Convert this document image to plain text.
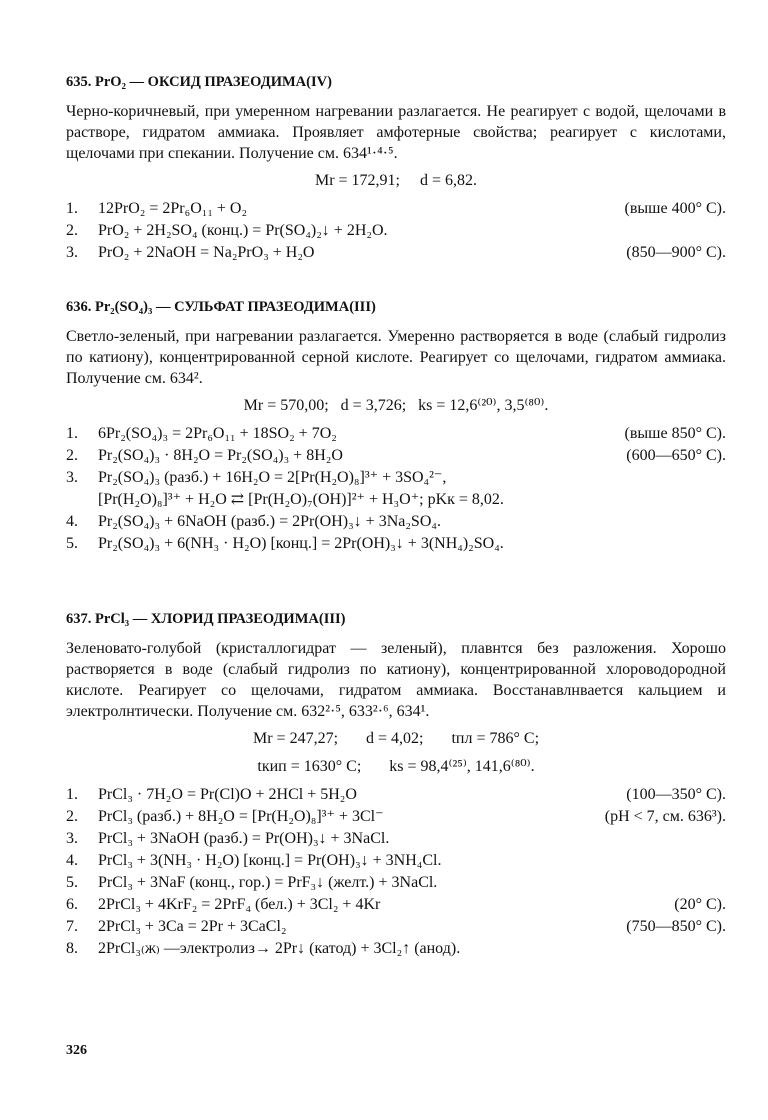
635. PrO₂ — ОКСИД ПРАЗЕОДИМА(IV)

Черно-коричневый, при умеренном нагревании разлагается. Не реагирует с водой, щелочами в растворе, гидратом аммиака. Проявляет амфотерные свойства; реагирует с кислотами, щелочами при спекании. Получение см. 634¹·⁴·⁵.

Mr = 172,91;     d = 6,82.
1.	12PrO₂ = 2Pr₆O₁₁ + O₂	(выше 400° C).
2.	PrO₂ + 2H₂SO₄ (конц.) = Pr(SO₄)₂↓ + 2H₂O.
3.	PrO₂ + 2NaOH = Na₂PrO₃ + H₂O	(850—900° C).

636. Pr₂(SO₄)₃ — СУЛЬФАТ ПРАЗЕОДИМА(III)

Светло-зеленый, при нагревании разлагается. Умеренно растворяется в воде (слабый гидролиз по катиону), концентрированной серной кислоте. Реагирует со щелочами, гидратом аммиака. Получение см. 634².

Mr = 570,00;   d = 3,726;   ks = 12,6⁽²⁰⁾, 3,5⁽⁸⁰⁾.
1.	6Pr₂(SO₄)₃ = 2Pr₆O₁₁ + 18SO₂ + 7O₂	(выше 850° C).
2.	Pr₂(SO₄)₃ · 8H₂O = Pr₂(SO₄)₃ + 8H₂O	(600—650° C).
3.	Pr₂(SO₄)₃ (разб.) + 16H₂O = 2[Pr(H₂O)₈]³⁺ + 3SO₄²⁻,
[Pr(H₂O)₈]³⁺ + H₂O ⇄ [Pr(H₂O)₇(OH)]²⁺ + H₃O⁺; pKк = 8,02.
4.	Pr₂(SO₄)₃ + 6NaOH (разб.) = 2Pr(OH)₃↓ + 3Na₂SO₄.
5.	Pr₂(SO₄)₃ + 6(NH₃ · H₂O) [конц.] = 2Pr(OH)₃↓ + 3(NH₄)₂SO₄.

637. PrCl₃ — ХЛОРИД ПРАЗЕОДИМА(III)

Зеленовато-голубой (кристаллогидрат — зеленый), плавнтся без разложения. Хорошо растворяется в воде (слабый гидролиз по катиону), концентрированной хлороводородной кислоте. Реагирует со щелочами, гидратом аммиака. Восстанавлнвается кальцием и электролнтически. Получение см. 632²·⁵, 633²·⁶, 634¹.

Mr = 247,27;       d = 4,02;       tпл = 786° C;
tкип = 1630° C;       ks = 98,4⁽²⁵⁾, 141,6⁽⁸⁰⁾.
1.	PrCl₃ · 7H₂O = Pr(Cl)O + 2HCl + 5H₂O	(100—350° C).
2.	PrCl₃ (разб.) + 8H₂O = [Pr(H₂O)₈]³⁺ + 3Cl⁻	(pH < 7, см. 636³).
3.	PrCl₃ + 3NaOH (разб.) = Pr(OH)₃↓ + 3NaCl.
4.	PrCl₃ + 3(NH₃ · H₂O) [конц.] = Pr(OH)₃↓ + 3NH₄Cl.
5.	PrCl₃ + 3NaF (конц., гор.) = PrF₃↓ (желт.) + 3NaCl.
6.	2PrCl₃ + 4KrF₂ = 2PrF₄ (бел.) + 3Cl₂ + 4Kr	(20° C).
7.	2PrCl₃ + 3Ca = 2Pr + 3CaCl₂	(750—850° C).
8.	2PrCl₃₍ж₎ —электролиз→ 2Pr↓ (катод) + 3Cl₂↑ (анод).
326
